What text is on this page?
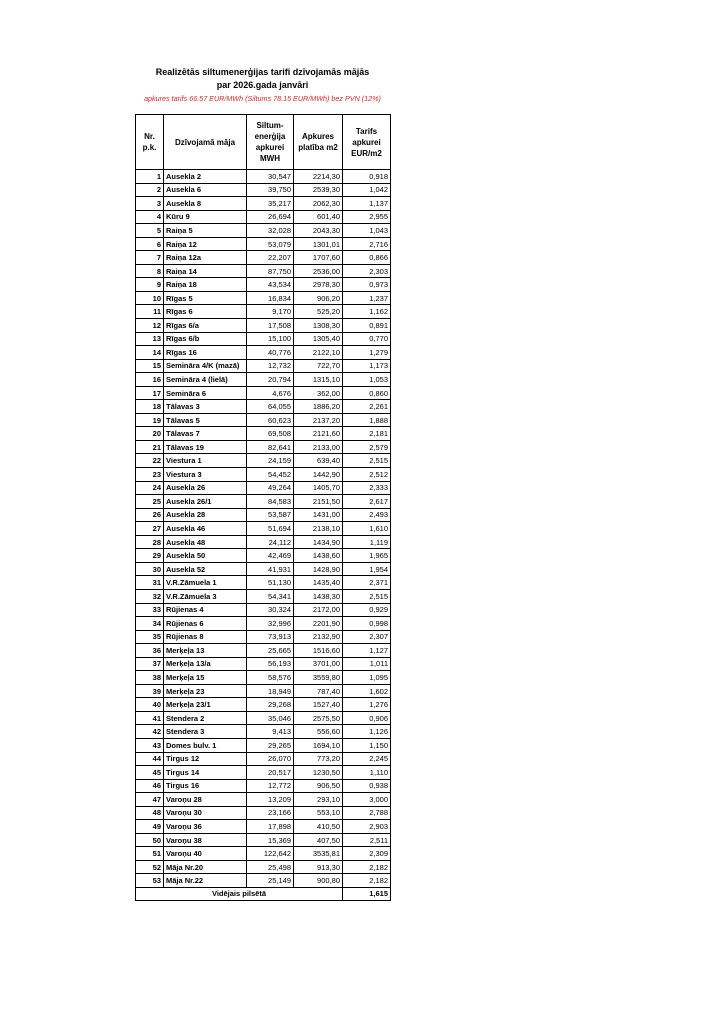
Realizētās siltumenerģijas tarifi dzīvojamās mājās
par 2026.gada janvāri
apkures tarifs 66.57 EUR/MWh (Siltums 78.15 EUR/MWh) bez PVN (12%)
Nr. p.k.	Dzīvojamā māja	Siltum-enerģija apkurei MWH	Apkures platība m2	Tarifs apkurei EUR/m2
1	Auseklа 2	30,547	2214,30	0,918
2	Auseklа 6	39,750	2539,30	1,042
3	Auseklа 8	35,217	2062,30	1,137
4	Kūru 9	26,694	601,40	2,955
5	Raiņa 5	32,028	2043,30	1,043
6	Raiņa 12	53,079	1301,01	2,716
7	Raiņa 12a	22,207	1707,60	0,866
8	Raiņa 14	87,750	2536,00	2,303
9	Raiņa 18	43,534	2978,30	0,973
10	Rīgas 5	16,834	906,20	1,237
11	Rīgas 6	9,170	525,20	1,162
12	Rīgas 6/a	17,508	1308,30	0,891
13	Rīgas 6/b	15,100	1305,40	0,770
14	Rīgas 16	40,776	2122,10	1,279
15	Semināra 4/K (mazā)	12,732	722,70	1,173
16	Semināra 4 (lielā)	20,794	1315,10	1,053
17	Semināra 6	4,676	362,00	0,860
18	Tālavas 3	64,055	1886,20	2,261
19	Tālavas 5	60,623	2137,20	1,888
20	Tālavas 7	69,508	2121,60	2,181
21	Tālavas 19	82,641	2133,00	2,579
22	Viestura 1	24,159	639,40	2,515
23	Viestura 3	54,452	1442,90	2,512
24	Auseklа 26	49,264	1405,70	2,333
25	Auseklа 26/1	84,583	2151,50	2,617
26	Auseklа 28	53,587	1431,00	2,493
27	Auseklа 46	51,694	2138,10	1,610
28	Auseklа 48	24,112	1434,90	1,119
29	Auseklа 50	42,469	1438,60	1,965
30	Auseklа 52	41,931	1428,90	1,954
31	V.R.Zāmuela 1	51,130	1435,40	2,371
32	V.R.Zāmuela 3	54,341	1438,30	2,515
33	Rūjienas 4	30,324	2172,00	0,929
34	Rūjienas 6	32,996	2201,90	0,998
35	Rūjienas 8	73,913	2132,90	2,307
36	Merķeļa 13	25,665	1516,60	1,127
37	Merķeļa 13/a	56,193	3701,00	1,011
38	Merķeļa 15	58,576	3559,80	1,095
39	Merķeļa 23	18,949	787,40	1,602
40	Merķeļa 23/1	29,268	1527,40	1,276
41	Stendera 2	35,046	2575,50	0,906
42	Stendera 3	9,413	556,60	1,126
43	Domes bulv. 1	29,265	1694,10	1,150
44	Tirgus 12	26,070	773,20	2,245
45	Tirgus 14	20,517	1230,50	1,110
46	Tirgus 16	12,772	906,50	0,938
47	Varoņu 28	13,209	293,10	3,000
48	Varoņu 30	23,166	553,10	2,788
49	Varoņu 36	17,898	410,50	2,903
50	Varoņu 38	15,369	407,50	2,511
51	Varoņu 40	122,642	3535,81	2,309
52	Māja Nr.20	25,498	913,30	2,182
53	Māja Nr.22	25,149	900,80	2,182
Vidējais pilsētā				1,615
